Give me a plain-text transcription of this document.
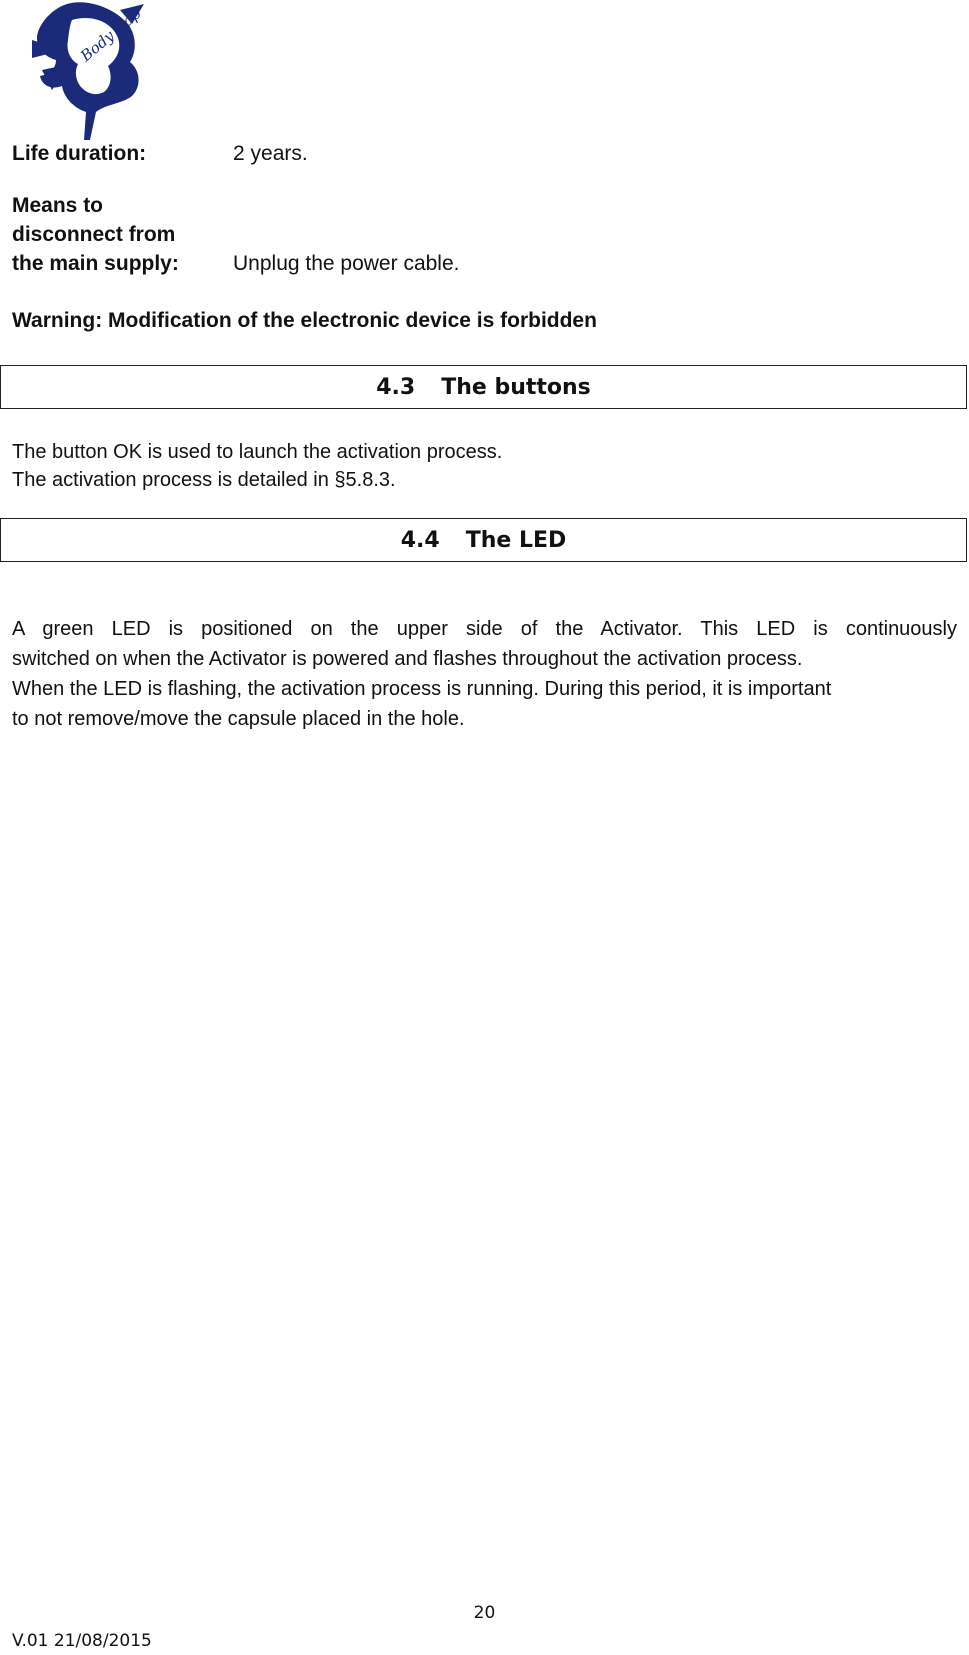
Body Cap
Life duration:	2 years.
Means to
disconnect from
the main supply:	Unplug the power cable.
Warning: Modification of the electronic device is forbidden
4.3 The buttons
The button OK is used to launch the activation process.
The activation process is detailed in §5.8.3.
4.4 The LED
A green LED is positioned on the upper side of the Activator. This LED is continuously
switched on when the Activator is powered and flashes throughout the activation process.
When the LED is flashing, the activation process is running. During this period, it is important
to not remove/move the capsule placed in the hole.
20
V.01 21/08/2015
